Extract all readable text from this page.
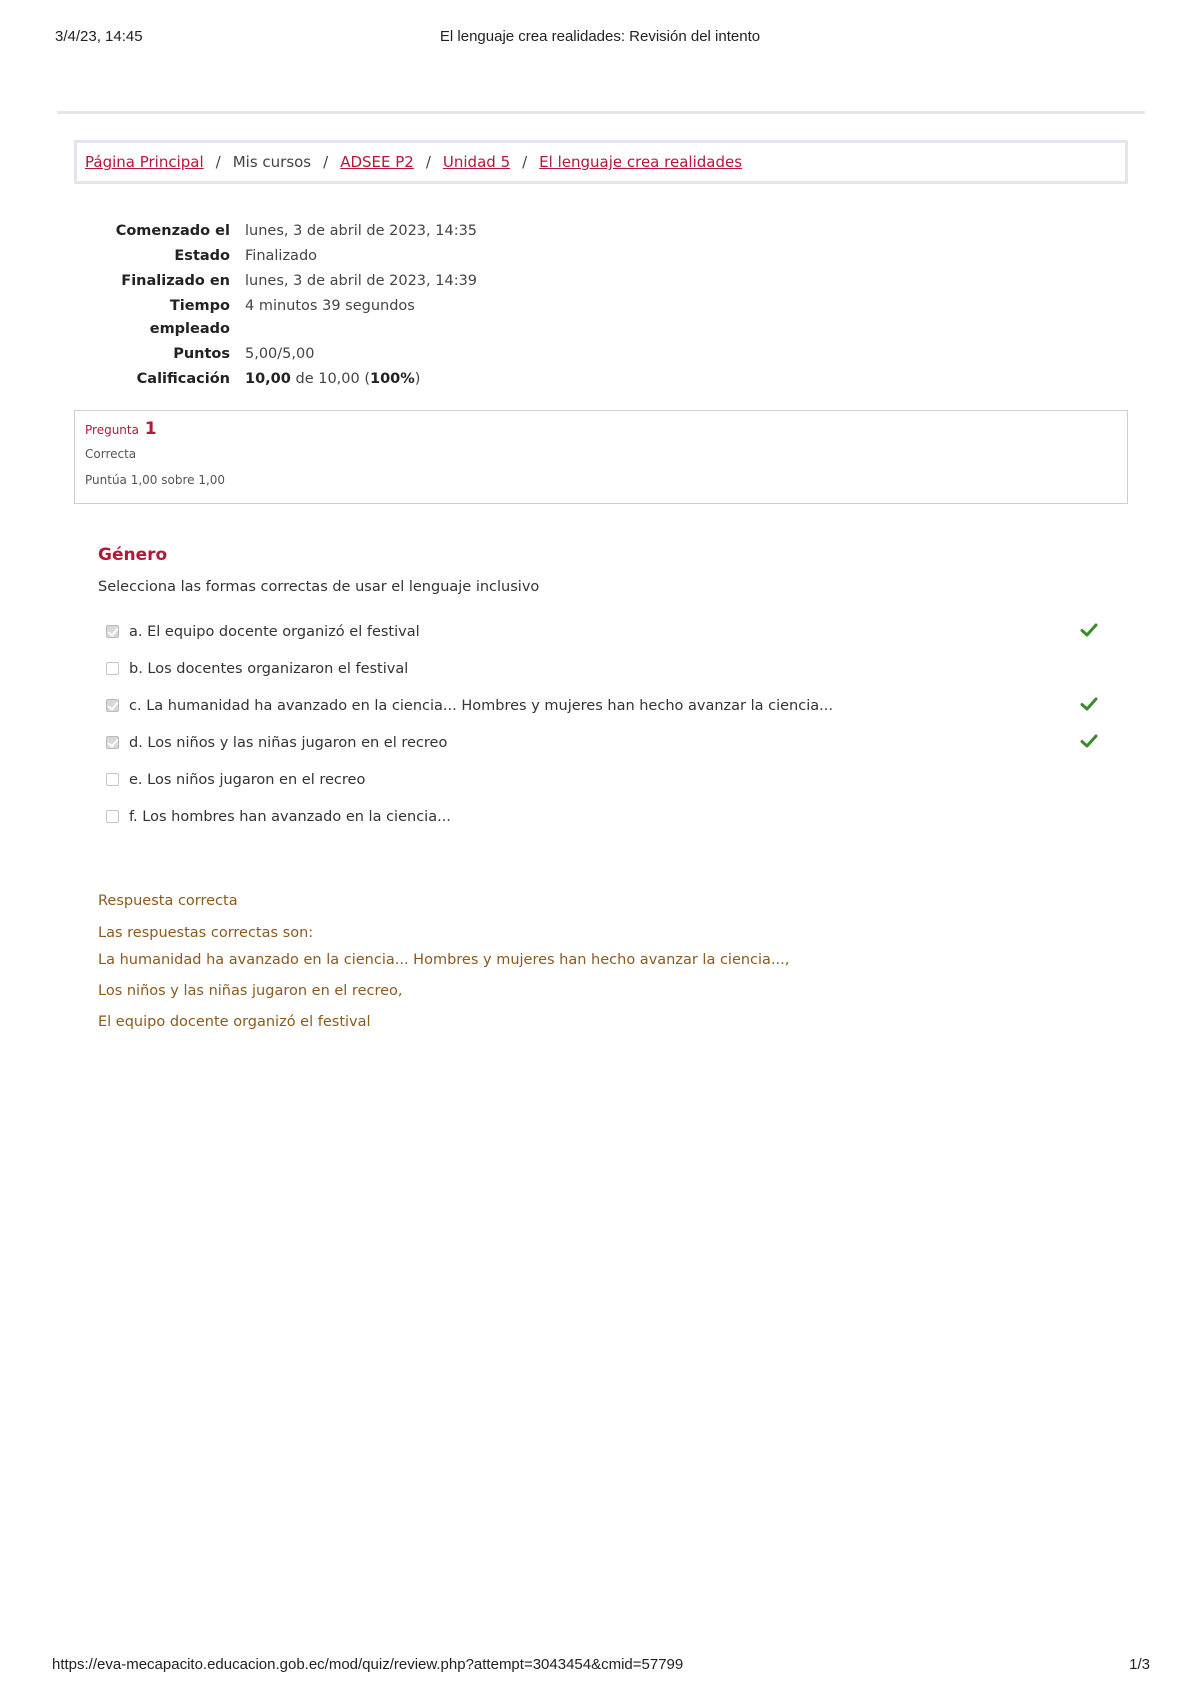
3/4/23, 14:45	El lenguaje crea realidades: Revisión del intento
Página Principal / Mis cursos / ADSEE P2 / Unidad 5 / El lenguaje crea realidades
Comenzado el lunes, 3 de abril de 2023, 14:35
Estado Finalizado
Finalizado en lunes, 3 de abril de 2023, 14:39
Tiempo empleado
4 minutos 39 segundos
Puntos 5,00/5,00
Calificación 10,00 de 10,00 (100%)
Pregunta 1
Correcta
Puntúa 1,00 sobre 1,00
Género
Selecciona las formas correctas de usar el lenguaje inclusivo
a. El equipo docente organizó el festival
b. Los docentes organizaron el festival
c. La humanidad ha avanzado en la ciencia... Hombres y mujeres han hecho avanzar la ciencia...
d. Los niños y las niñas jugaron en el recreo
e. Los niños jugaron en el recreo
f. Los hombres han avanzado en la ciencia...
Respuesta correcta
Las respuestas correctas son:
La humanidad ha avanzado en la ciencia... Hombres y mujeres han hecho avanzar la ciencia...,
Los niños y las niñas jugaron en el recreo,
El equipo docente organizó el festival
https://eva-mecapacito.educacion.gob.ec/mod/quiz/review.php?attempt=3043454&cmid=57799	1/3
